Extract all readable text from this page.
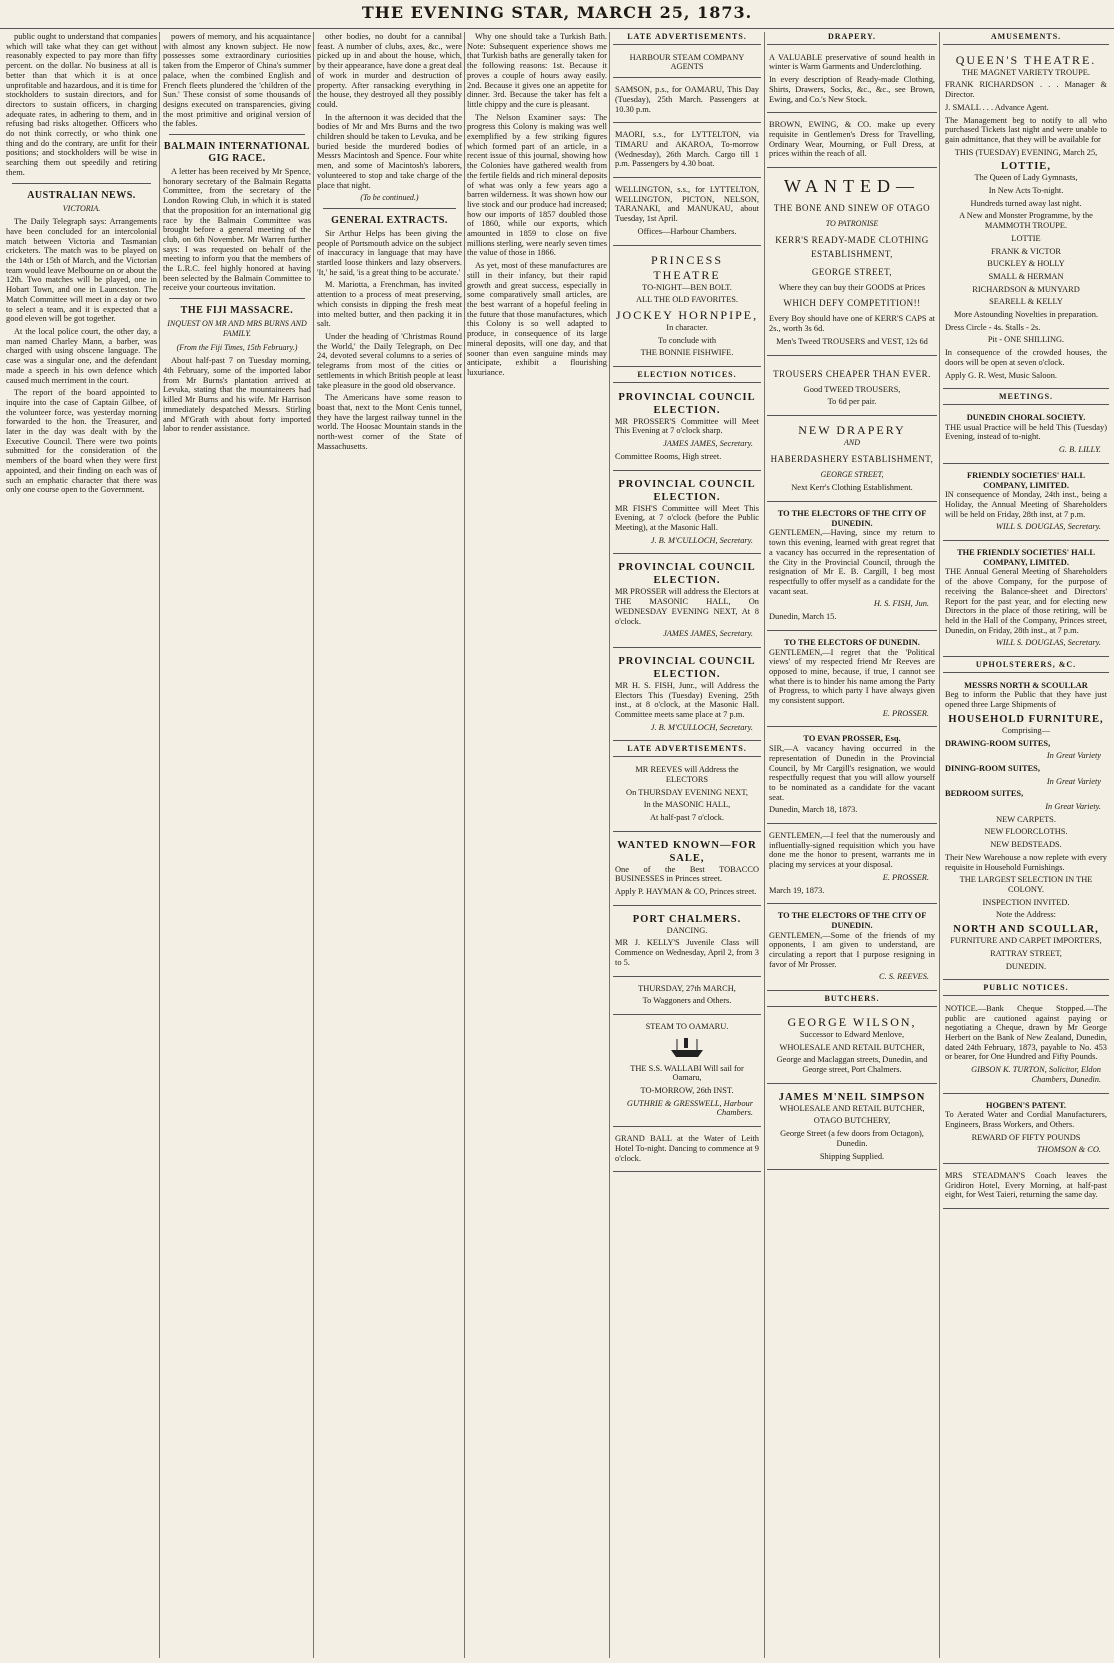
THE EVENING STAR, MARCH 25, 1873.

public ought to understand that companies which will take what they can get without reasonably expected to pay more than fifty percent. on the dollar. No business at all is better than that which it is at once unprofitable and hazardous, and it is time for stockholders to sustain directors, and for directors to sustain officers, in charging adequate rates, in adhering to them, and in refusing bad risks altogether. Officers who do not think correctly, or who think one thing and do the contrary, are unfit for their positions; and stockholders will be wise in searching them out speedily and retiring them.

AUSTRALIAN NEWS.
VICTORIA.

The Daily Telegraph says: Arrangements have been concluded for an intercolonial match between Victoria and Tasmanian cricketers. The match was to be played on the 14th or 15th of March, and the Victorian team would leave Melbourne on or about the 12th. Two matches will be played, one in Hobart Town, and one in Launceston. The Match Committee will meet in a day or two to select a team, and it is expected that a good eleven will be got together.

At the local police court, the other day, a man named Charley Mann, a barber, was charged with using obscene language. The case was a singular one, and the defendant made a speech in his own defence which caused much merriment in the court.

The report of the board appointed to inquire into the case of Captain Gilbee, of the volunteer force, was yesterday morning forwarded to the hon. the Treasurer, and later in the day was dealt with by the Executive Council. There were two points submitted for the consideration of the members of the board when they were first appointed, and their finding on each was of such an emphatic character that there was only one course open to the Government.

powers of memory, and his acquaintance with almost any known subject. He now possesses some extraordinary curiosities taken from the Emperor of China's summer palace, when the combined English and French fleets plundered the 'children of the Sun.' These consist of some thousands of designs executed on transparencies, giving the most primitive and original version of the fables.

BALMAIN INTERNATIONAL GIG RACE.

A letter has been received by Mr Spence, honorary secretary of the Balmain Regatta Committee, from the secretary of the London Rowing Club, in which it is stated that the proposition for an international gig race by the Balmain Committee was brought before a general meeting of the club, on 6th November. Mr Warren further says: I was requested on behalf of the meeting to inform you that the members of the L.R.C. feel highly honored at having been selected by the Balmain Committee to receive your courteous invitation.

THE FIJI MASSACRE.
INQUEST ON MR AND MRS BURNS AND FAMILY.
(From the Fiji Times, 15th February.)

About half-past 7 on Tuesday morning, 4th February, some of the imported labor from Mr Burns's plantation arrived at Levuka, stating that the mountaineers had killed Mr Burns and his wife. Mr Harrison immediately despatched Messrs. Stirling and M'Grath with about forty imported labor to render assistance.

other bodies, no doubt for a cannibal feast. A number of clubs, axes, &c., were picked up in and about the house, which, by their appearance, have done a great deal of work in murder and destruction of property. After ransacking everything in the house, they destroyed all they possibly could.

In the afternoon it was decided that the bodies of Mr and Mrs Burns and the two children should be taken to Levuka, and be buried beside the murdered bodies of Messrs Macintosh and Spence. Four white men, and some of Macintosh's laborers, volunteered to stop and take charge of the place that night.

(To be continued.)
GENERAL EXTRACTS.

Sir Arthur Helps has been giving the people of Portsmouth advice on the subject of inaccuracy in language that may have startled loose thinkers and lazy observers. 'It,' he said, 'is a great thing to be accurate.'

M. Mariotta, a Frenchman, has invited attention to a process of meat preserving, which consists in dipping the fresh meat into melted butter, and then packing it in salt.

Under the heading of 'Christmas Round the World,' the Daily Telegraph, on Dec 24, devoted several columns to a series of telegrams from most of the cities or settlements in which British people at least take pleasure in the good old observance.

The Americans have some reason to boast that, next to the Mont Cenis tunnel, they have the largest railway tunnel in the world. The Hoosac Mountain stands in the north-west corner of the State of Massachusetts.

Why one should take a Turkish Bath. Note: Subsequent experience shows me that Turkish baths are generally taken for the following reasons: 1st. Because it proves a couple of hours away easily. 2nd. Because it gives one an appetite for dinner. 3rd. Because the taker has felt a little chippy and the cure is pleasant.

The Nelson Examiner says: The progress this Colony is making was well exemplified by a few striking figures which formed part of an article, in a recent issue of this journal, showing how the Colonies have gathered wealth from the fertile fields and rich mineral deposits of what was only a few years ago a barren wilderness. It was shown how our live stock and our produce had increased; how our imports of 1857 doubled those of 1860, while our exports, which amounted in 1859 to close on five millions sterling, were nearly seven times the value of those in 1866.

As yet, most of these manufactures are still in their infancy, but their rapid growth and great success, especially in some comparatively small articles, are the best warrant of a hopeful feeling in the future that those manufactures, which this Colony is so well adapted to produce, in consequence of its large mineral deposits, will one day, and that sooner than even sanguine minds may anticipate, exhibit a flourishing luxuriance.

LATE ADVERTISEMENTS.
HARBOUR STEAM COMPANY AGENTS

SAMSON, p.s., for OAMARU, This Day (Tuesday), 25th March. Passengers at 10.30 p.m.

MAORI, s.s., for LYTTELTON, via TIMARU and AKAROA, To-morrow (Wednesday), 26th March. Cargo till 1 p.m. Passengers by 4.30 boat.

WELLINGTON, s.s., for LYTTELTON, WELLINGTON, PICTON, NELSON, TARANAKI, and MANUKAU, about Tuesday, 1st April.

Offices—Harbour Chambers.

PRINCESS THEATRE

TO-NIGHT—BEN BOLT.

ALL THE OLD FAVORITES.

JOCKEY HORNPIPE,

In character.

To conclude with

THE BONNIE FISHWIFE.

ELECTION NOTICES.
PROVINCIAL COUNCIL ELECTION.

MR PROSSER'S Committee will Meet This Evening at 7 o'clock sharp.

JAMES JAMES, Secretary.

Committee Rooms, High street.

PROVINCIAL COUNCIL ELECTION.

MR FISH'S Committee will Meet This Evening, at 7 o'clock (before the Public Meeting), at the Masonic Hall.

J. B. M'CULLOCH, Secretary.

PROVINCIAL COUNCIL ELECTION.

MR PROSSER will address the Electors at THE MASONIC HALL, On WEDNESDAY EVENING NEXT, At 8 o'clock.

JAMES JAMES, Secretary.

PROVINCIAL COUNCIL ELECTION.

MR H. S. FISH, Junr., will Address the Electors This (Tuesday) Evening, 25th inst., at 8 o'clock, at the Masonic Hall. Committee meets same place at 7 p.m.

J. B. M'CULLOCH, Secretary.

LATE ADVERTISEMENTS.

MR REEVES will Address the ELECTORS

On THURSDAY EVENING NEXT,

In the MASONIC HALL,

At half-past 7 o'clock.

WANTED KNOWN—FOR SALE,

One of the Best TOBACCO BUSINESSES in Princes street.

Apply P. HAYMAN & CO, Princes street.

PORT CHALMERS.

DANCING.

MR J. KELLY'S Juvenile Class will Commence on Wednesday, April 2, from 3 to 5.

THURSDAY, 27th MARCH,

To Waggoners and Others.

STEAM TO OAMARU.

THE S.S. WALLABI Will sail for Oamaru,

TO-MORROW, 26th INST.

GUTHRIE & GRESSWELL, Harbour Chambers.

GRAND BALL at the Water of Leith Hotel To-night. Dancing to commence at 9 o'clock.

DRAPERY.

A VALUABLE preservative of sound health in winter is Warm Garments and Underclothing.

In every description of Ready-made Clothing, Shirts, Drawers, Socks, &c., &c., see Brown, Ewing, and Co.'s New Stock.

BROWN, EWING, & CO. make up every requisite in Gentlemen's Dress for Travelling, Ordinary Wear, Mourning, or Full Dress, at prices within the reach of all.

WANTED—
THE BONE AND SINEW OF OTAGO
TO PATRONISE
KERR'S READY-MADE CLOTHING ESTABLISHMENT,
GEORGE STREET,

Where they can buy their GOODS at Prices

WHICH DEFY COMPETITION!!

Every Boy should have one of KERR'S CAPS at 2s., worth 3s 6d.

Men's Tweed TROUSERS and VEST, 12s 6d

TROUSERS CHEAPER THAN EVER.

Good TWEED TROUSERS,

To 6d per pair.

NEW DRAPERY
AND
HABERDASHERY ESTABLISHMENT,
GEORGE STREET,

Next Kerr's Clothing Establishment.

TO THE ELECTORS OF THE CITY OF DUNEDIN.

GENTLEMEN,—Having, since my return to town this evening, learned with great regret that a vacancy has occurred in the representation of the City in the Provincial Council, through the resignation of Mr E. B. Cargill, I beg most respectfully to offer myself as a candidate for the vacant seat.

H. S. FISH, Jun.

Dunedin, March 15.

TO THE ELECTORS OF DUNEDIN.

GENTLEMEN,—I regret that the 'Political views' of my respected friend Mr Reeves are opposed to mine, because, if true, I cannot see what there is to hinder his name among the Party of Progress, to which party I have always given my consistent support.

E. PROSSER.

TO EVAN PROSSER, Esq.

SIR,—A vacancy having occurred in the representation of Dunedin in the Provincial Council, by Mr Cargill's resignation, we would respectfully request that you will allow yourself to be nominated as a candidate for the vacant seat.

Dunedin, March 18, 1873.

GENTLEMEN,—I feel that the numerously and influentially-signed requisition which you have done me the honor to present, warrants me in placing my services at your disposal.

E. PROSSER.

March 19, 1873.

TO THE ELECTORS OF THE CITY OF DUNEDIN.

GENTLEMEN,—Some of the friends of my opponents, I am given to understand, are circulating a report that I purpose resigning in favor of Mr Prosser.

C. S. REEVES.

BUTCHERS.
GEORGE WILSON,

Successor to Edward Menlove,

WHOLESALE AND RETAIL BUTCHER,

George and Maclaggan streets, Dunedin, and George street, Port Chalmers.

JAMES M'NEIL SIMPSON

WHOLESALE AND RETAIL BUTCHER,

OTAGO BUTCHERY,

George Street (a few doors from Octagon), Dunedin.

Shipping Supplied.

AMUSEMENTS.
QUEEN'S THEATRE.

THE MAGNET VARIETY TROUPE.

FRANK RICHARDSON . . . Manager & Director.

J. SMALL . . . Advance Agent.

The Management beg to notify to all who purchased Tickets last night and were unable to gain admittance, that they will be available for

THIS (TUESDAY) EVENING, March 25,

LOTTIE,

The Queen of Lady Gymnasts,

In New Acts To-night.

Hundreds turned away last night.

A New and Monster Programme, by the MAMMOTH TROUPE.

LOTTIE

FRANK & VICTOR

BUCKLEY & HOLLY

SMALL & HERMAN

RICHARDSON & MUNYARD

SEARELL & KELLY

More Astounding Novelties in preparation.

Dress Circle - 4s. Stalls - 2s.

Pit - ONE SHILLING.

In consequence of the crowded houses, the doors will be open at seven o'clock.

Apply G. R. West, Music Saloon.

MEETINGS.
DUNEDIN CHORAL SOCIETY.

THE usual Practice will be held This (Tuesday) Evening, instead of to-night.

G. B. LILLY.

FRIENDLY SOCIETIES' HALL COMPANY, LIMITED.

IN consequence of Monday, 24th inst., being a Holiday, the Annual Meeting of Shareholders will be held on Friday, 28th inst, at 7 p.m.

WILL S. DOUGLAS, Secretary.

THE FRIENDLY SOCIETIES' HALL COMPANY, LIMITED.

THE Annual General Meeting of Shareholders of the above Company, for the purpose of receiving the Balance-sheet and Directors' Report for the past year, and for electing new Directors in the place of those retiring, will be held in the Hall of the Company, Princes street, Dunedin, on Friday, 28th inst., at 7 p.m.

WILL S. DOUGLAS, Secretary.

UPHOLSTERERS, &C.
MESSRS NORTH & SCOULLAR

Beg to inform the Public that they have just opened three Large Shipments of

HOUSEHOLD FURNITURE,

Comprising—

DRAWING-ROOM SUITES,

In Great Variety

DINING-ROOM SUITES,

In Great Variety

BEDROOM SUITES,

In Great Variety.

NEW CARPETS.

NEW FLOORCLOTHS.

NEW BEDSTEADS.

Their New Warehouse a now replete with every requisite in Household Furnishings.

THE LARGEST SELECTION IN THE COLONY.

INSPECTION INVITED.

Note the Address:

NORTH AND SCOULLAR,

FURNITURE AND CARPET IMPORTERS,

RATTRAY STREET,

DUNEDIN.

PUBLIC NOTICES.

NOTICE.—Bank Cheque Stopped.—The public are cautioned against paying or negotiating a Cheque, drawn by Mr George Herbert on the Bank of New Zealand, Dunedin, dated 24th February, 1873, payable to No. 453 or bearer, for One Hundred and Fifty Pounds.

GIBSON K. TURTON, Solicitor, Eldon Chambers, Dunedin.

HOGBEN'S PATENT.

To Aerated Water and Cordial Manufacturers, Engineers, Brass Workers, and Others.

REWARD OF FIFTY POUNDS

THOMSON & CO.

MRS STEADMAN'S Coach leaves the Gridiron Hotel, Every Morning, at half-past eight, for West Taieri, returning the same day.
